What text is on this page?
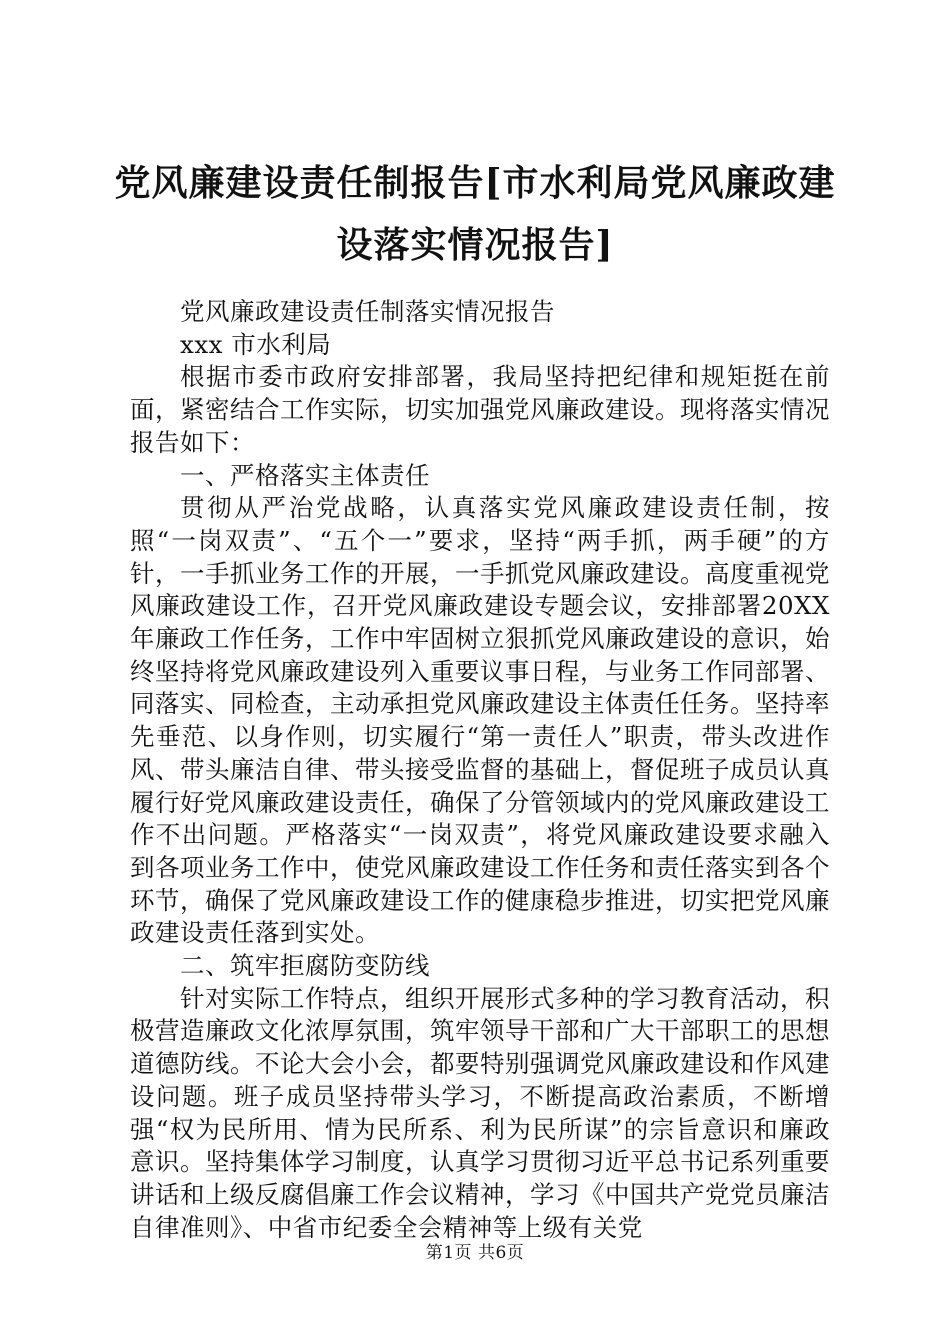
党风廉建设责任制报告[市水利局党风廉政建设落实情况报告]

党风廉政建设责任制落实情况报告

xxx 市水利局

根据市委市政府安排部署，我局坚持把纪律和规矩挺在前面，紧密结合工作实际，切实加强党风廉政建设。现将落实情况报告如下：

一、严格落实主体责任

贯彻从严治党战略，认真落实党风廉政建设责任制，按照“一岗双责”、“五个一”要求，坚持“两手抓，两手硬”的方针，一手抓业务工作的开展，一手抓党风廉政建设。高度重视党风廉政建设工作，召开党风廉政建设专题会议，安排部署20XX年廉政工作任务，工作中牢固树立狠抓党风廉政建设的意识，始终坚持将党风廉政建设列入重要议事日程，与业务工作同部署、同落实、同检查，主动承担党风廉政建设主体责任任务。坚持率先垂范、以身作则，切实履行“第一责任人”职责，带头改进作风、带头廉洁自律、带头接受监督的基础上，督促班子成员认真履行好党风廉政建设责任，确保了分管领域内的党风廉政建设工作不出问题。严格落实“一岗双责”，将党风廉政建设要求融入到各项业务工作中，使党风廉政建设工作任务和责任落实到各个环节，确保了党风廉政建设工作的健康稳步推进，切实把党风廉政建设责任落到实处。

二、筑牢拒腐防变防线

针对实际工作特点，组织开展形式多种的学习教育活动，积极营造廉政文化浓厚氛围，筑牢领导干部和广大干部职工的思想道德防线。不论大会小会，都要特别强调党风廉政建设和作风建设问题。班子成员坚持带头学习，不断提高政治素质，不断增强“权为民所用、情为民所系、利为民所谋”的宗旨意识和廉政意识。坚持集体学习制度，认真学习贯彻习近平总书记系列重要讲话和上级反腐倡廉工作会议精神，学习《中国共产党党员廉洁自律准则》、中省市纪委全会精神等上级有关党

第1页 共6页
